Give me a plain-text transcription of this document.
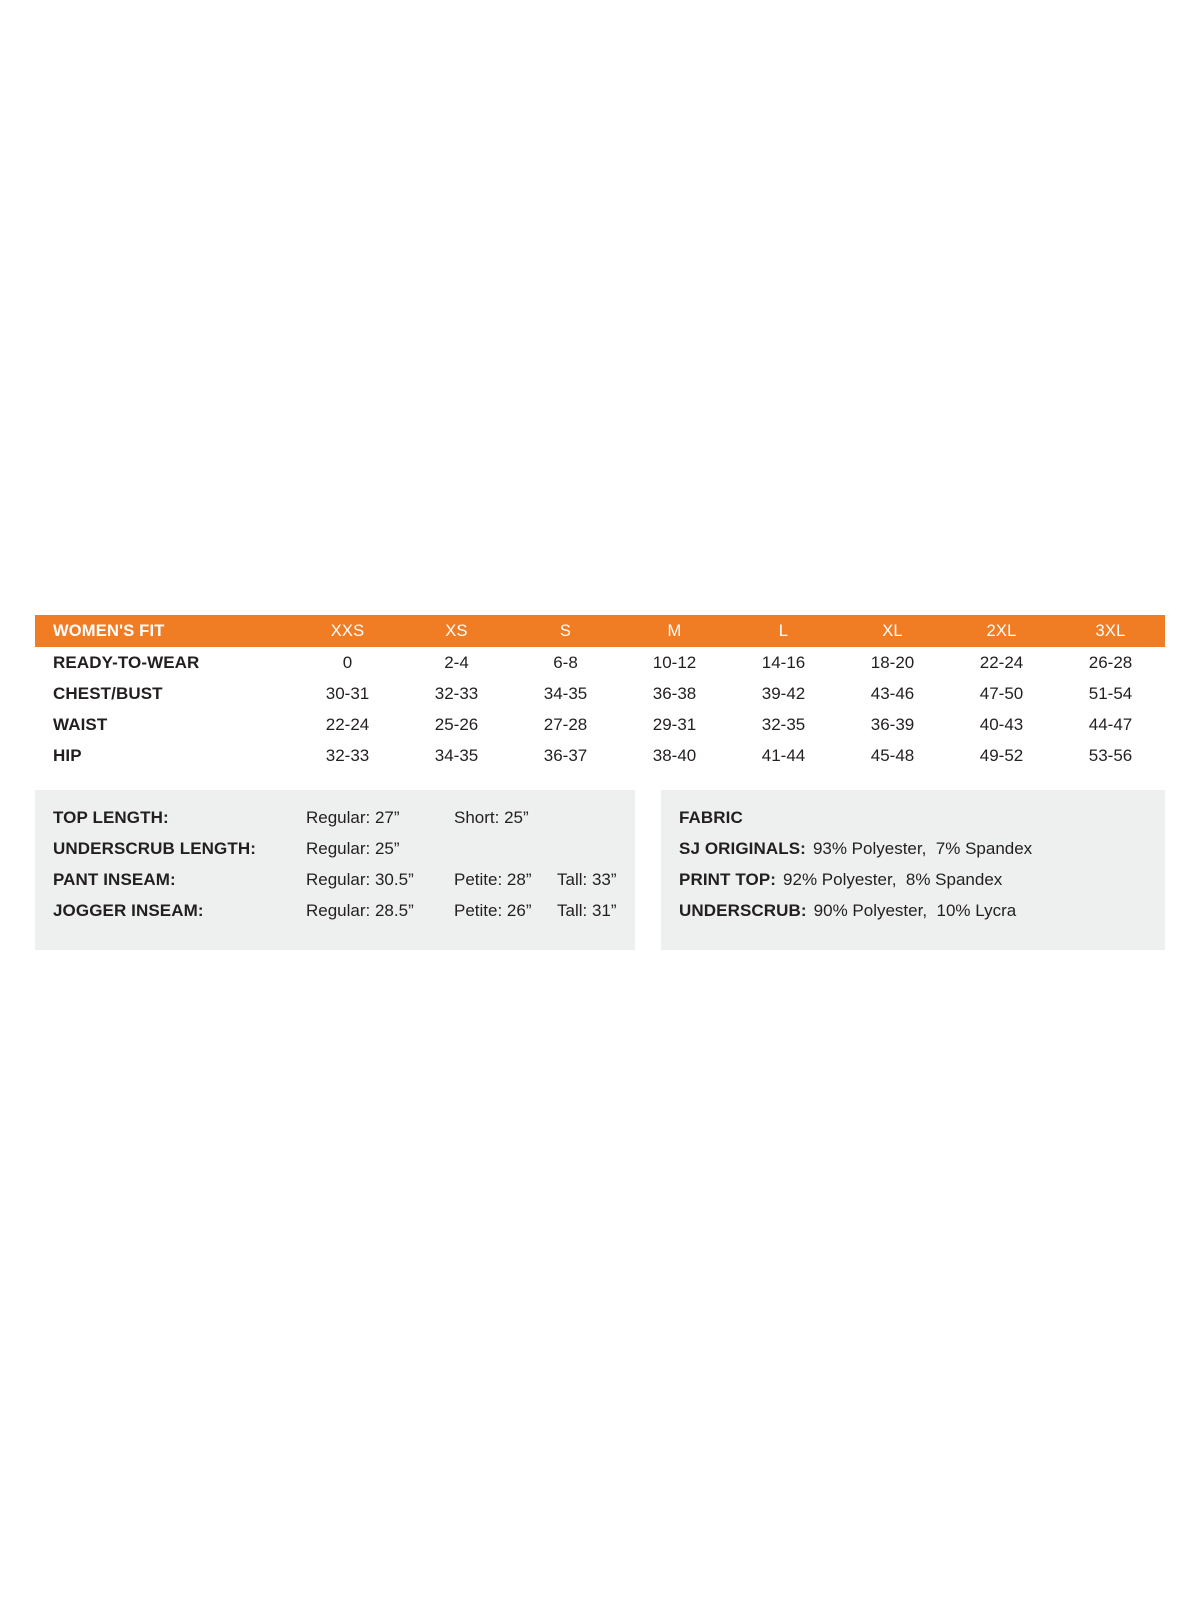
WOMEN'S FIT	XXS	XS	S	M	L	XL	2XL	3XL
READY-TO-WEAR	0	2-4	6-8	10-12	14-16	18-20	22-24	26-28
CHEST/BUST	30-31	32-33	34-35	36-38	39-42	43-46	47-50	51-54
WAIST	22-24	25-26	27-28	29-31	32-35	36-39	40-43	44-47
HIP	32-33	34-35	36-37	38-40	41-44	45-48	49-52	53-56
TOP LENGTH:	Regular: 27”	Short: 25”
UNDERSCRUB LENGTH:	Regular: 25”
PANT INSEAM:	Regular: 30.5”	Petite: 28”	Tall: 33”
JOGGER INSEAM:	Regular: 28.5”	Petite: 26”	Tall: 31”
FABRIC
SJ ORIGINALS: 93% Polyester,  7% Spandex
PRINT TOP: 92% Polyester,  8% Spandex
UNDERSCRUB: 90% Polyester,  10% Lycra
